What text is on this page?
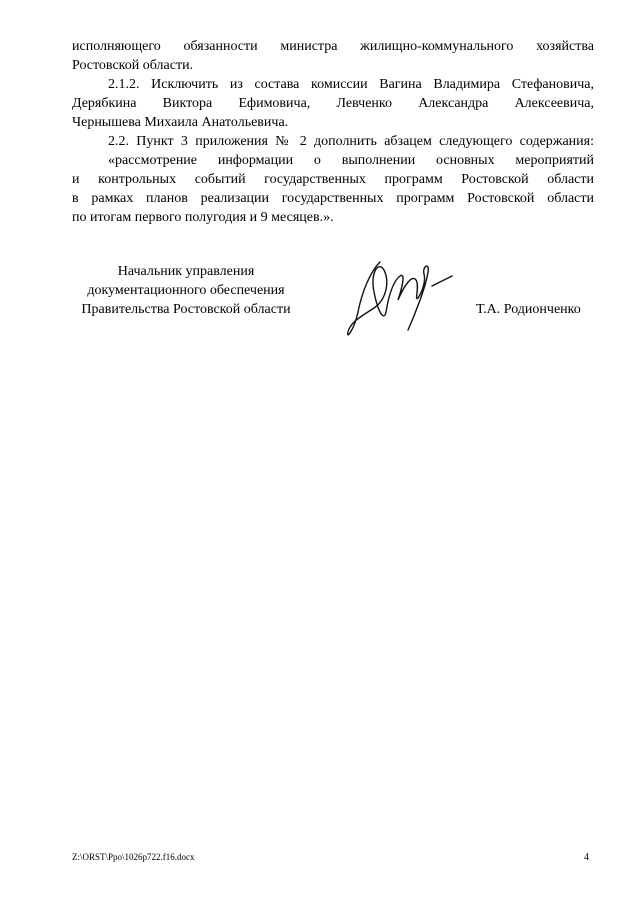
исполняющего обязанности министра жилищно-коммунального хозяйства
Ростовской области.

2.1.2. Исключить из состава комиссии Вагина Владимира Стефановича,
Дерябкина Виктора Ефимовича, Левченко Александра Алексеевича,
Чернышева Михаила Анатольевича.

2.2. Пункт 3 приложения № 2 дополнить абзацем следующего содержания:

«рассмотрение информации о выполнении основных мероприятий
и контрольных событий государственных программ Ростовской области
в рамках планов реализации государственных программ Ростовской области
по итогам первого полугодия и 9 месяцев.».

Начальник управления
документационного обеспечения
Правительства Ростовской области	Т.А. Родионченко
Z:\ORST\Ppo\1026p722.f16.docx	4
